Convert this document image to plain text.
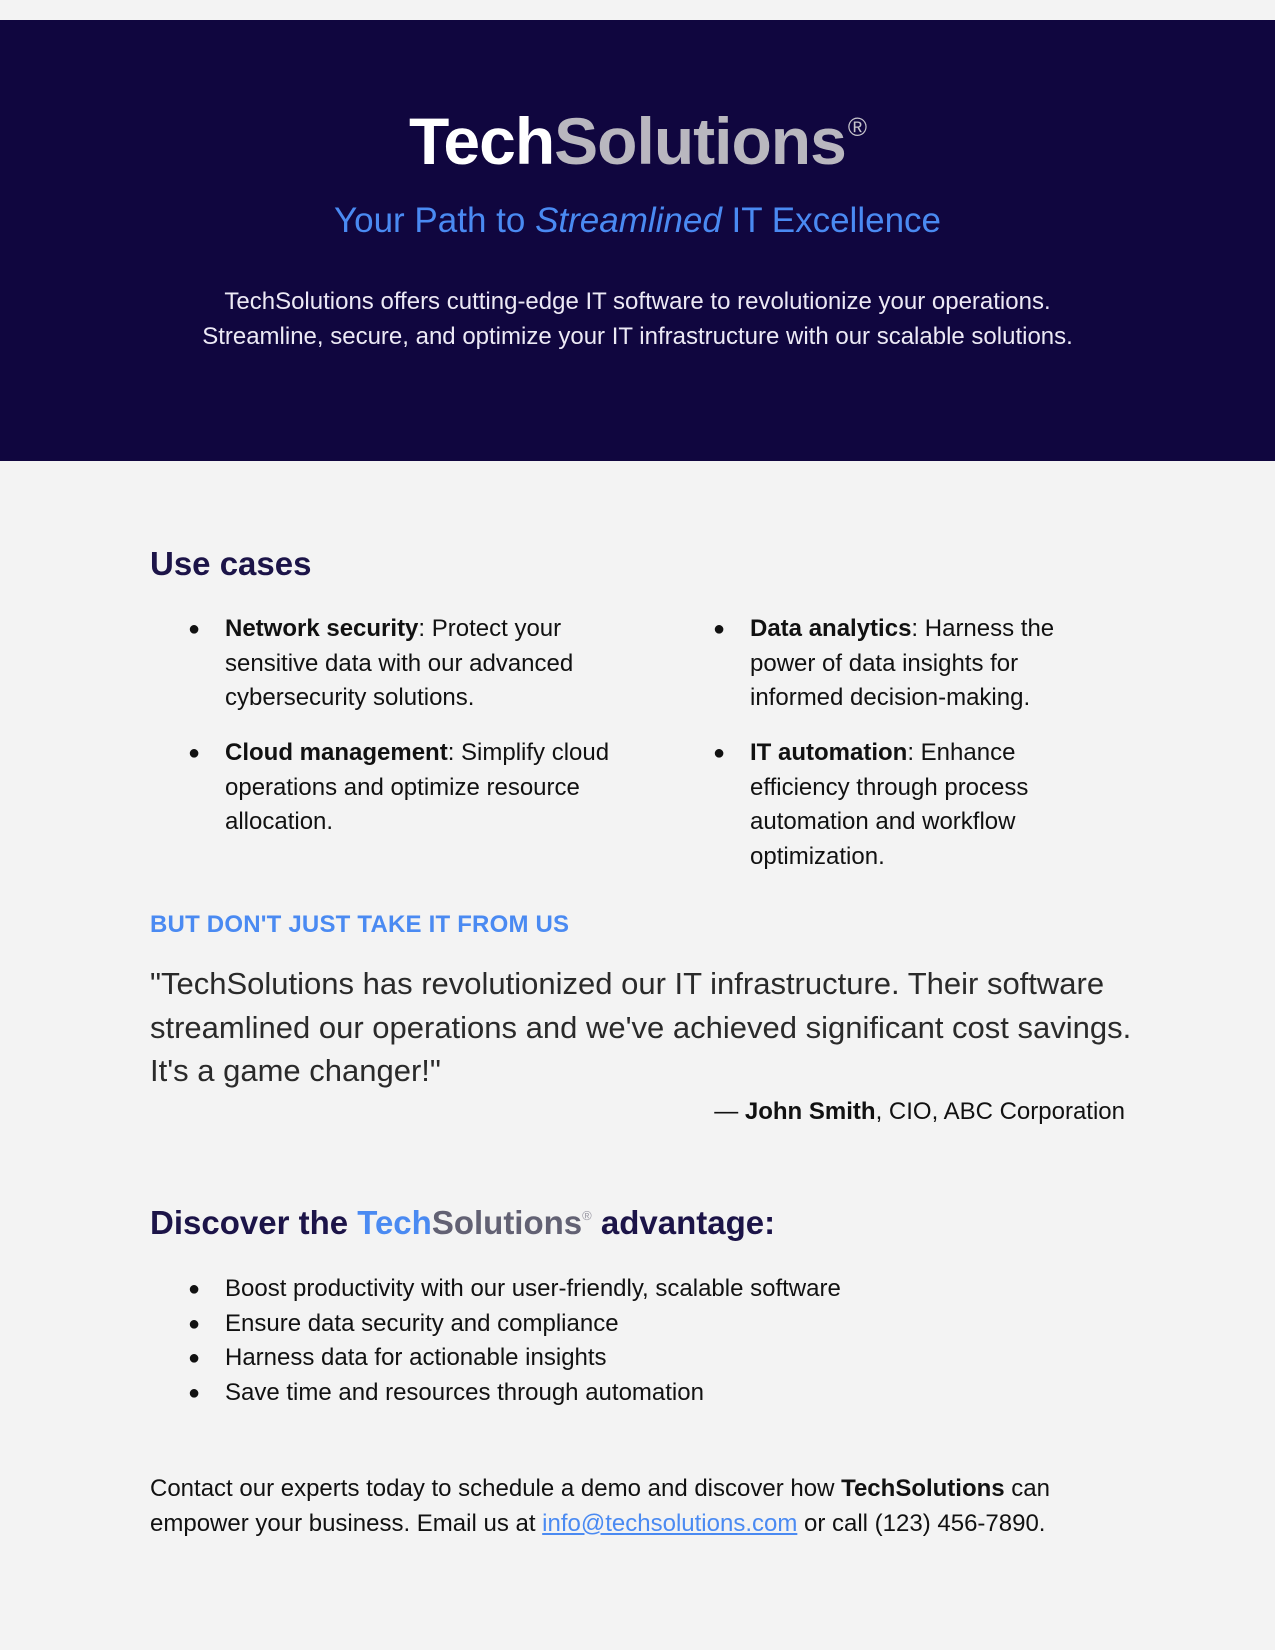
TechSolutions®
Your Path to Streamlined IT Excellence
TechSolutions offers cutting-edge IT software to revolutionize your operations.
Streamline, secure, and optimize your IT infrastructure with our scalable solutions.
Use cases
● Network security: Protect your sensitive data with our advanced cybersecurity solutions.
● Cloud management: Simplify cloud operations and optimize resource allocation.
● Data analytics: Harness the power of data insights for informed decision-making.
● IT automation: Enhance efficiency through process automation and workflow optimization.
BUT DON'T JUST TAKE IT FROM US
"TechSolutions has revolutionized our IT infrastructure. Their software streamlined our operations and we've achieved significant cost savings. It's a game changer!"
— John Smith, CIO, ABC Corporation
Discover the TechSolutions® advantage:
● Boost productivity with our user-friendly, scalable software
● Ensure data security and compliance
● Harness data for actionable insights
● Save time and resources through automation
Contact our experts today to schedule a demo and discover how TechSolutions can empower your business. Email us at info@techsolutions.com or call (123) 456-7890.
